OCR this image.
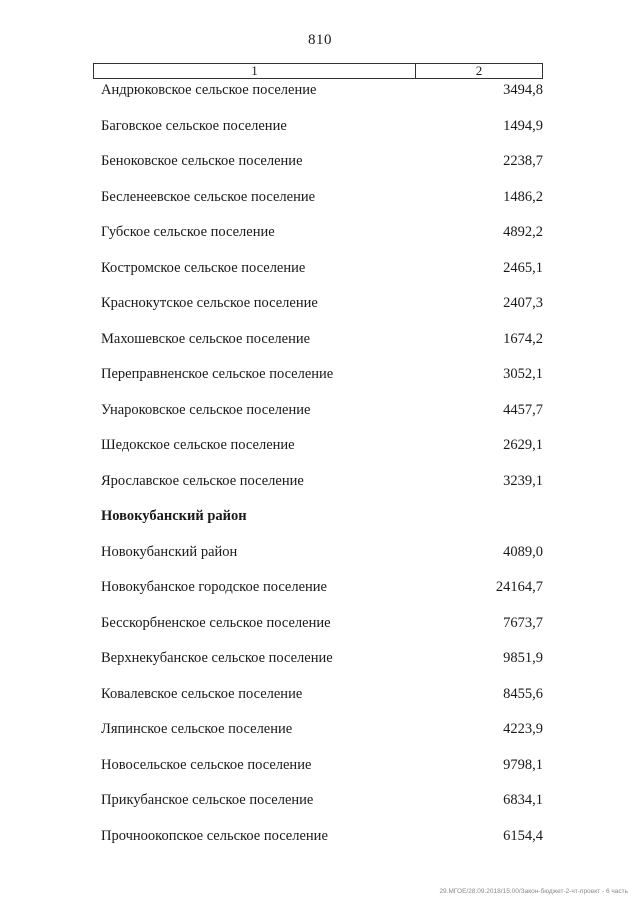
810
1	2
Андрюковское сельское поселение	3494,8
Баговское сельское поселение	1494,9
Беноковское сельское поселение	2238,7
Бесленеевское сельское поселение	1486,2
Губское сельское поселение	4892,2
Костромское сельское поселение	2465,1
Краснокутское сельское поселение	2407,3
Махошевское сельское поселение	1674,2
Переправненское сельское поселение	3052,1
Унароковское сельское поселение	4457,7
Шедокское сельское поселение	2629,1
Ярославское сельское поселение	3239,1
Новокубанский район
Новокубанский район	4089,0
Новокубанское городское поселение	24164,7
Бесскорбненское сельское поселение	7673,7
Верхнекубанское сельское поселение	9851,9
Ковалевское сельское поселение	8455,6
Ляпинское сельское поселение	4223,9
Новосельское сельское поселение	9798,1
Прикубанское сельское поселение	6834,1
Прочноокопское сельское поселение	6154,4
29.МГОЕ/28.09.2018/15:00/Закон-бюджет-2-чт-проект - 6 часть
